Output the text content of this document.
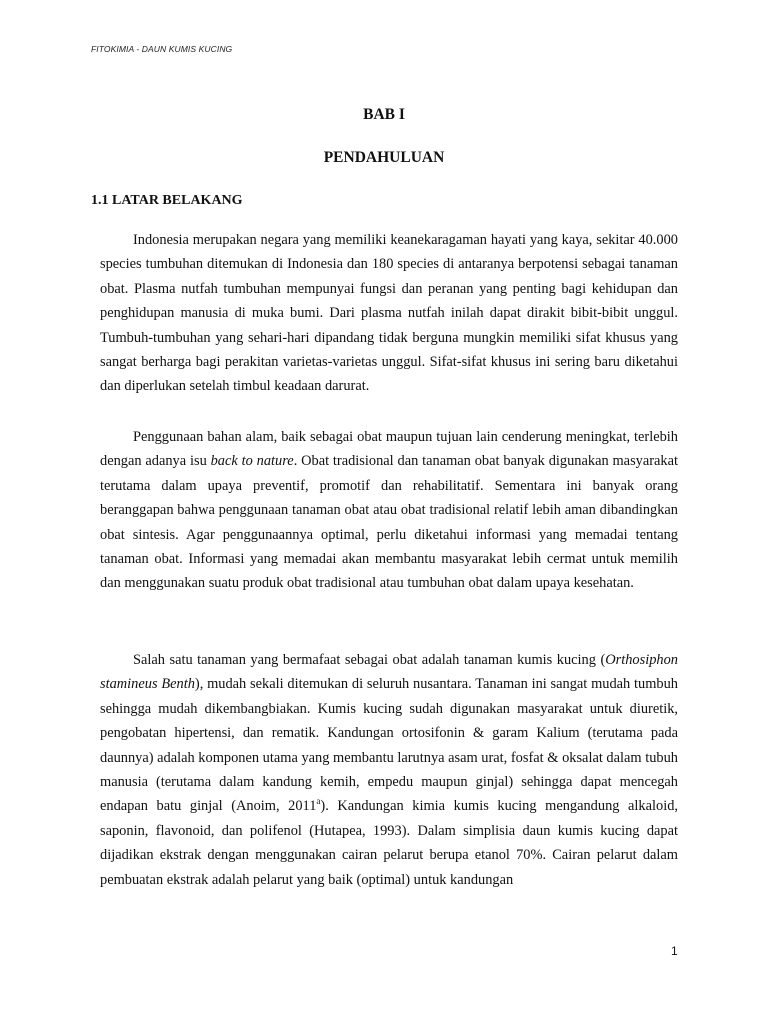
FITOKIMIA - DAUN KUMIS KUCING
BAB I
PENDAHULUAN
1.1 LATAR BELAKANG

Indonesia merupakan negara yang memiliki keanekaragaman hayati yang kaya, sekitar 40.000 species tumbuhan ditemukan di Indonesia dan 180 species di antaranya berpotensi sebagai tanaman obat. Plasma nutfah tumbuhan mempunyai fungsi dan peranan yang penting bagi kehidupan dan penghidupan manusia di muka bumi. Dari plasma nutfah inilah dapat dirakit bibit-bibit unggul. Tumbuh-tumbuhan yang sehari-hari dipandang tidak berguna mungkin memiliki sifat khusus yang sangat berharga bagi perakitan varietas-varietas unggul. Sifat-sifat khusus ini sering baru diketahui dan diperlukan setelah timbul keadaan darurat.

Penggunaan bahan alam, baik sebagai obat maupun tujuan lain cenderung meningkat, terlebih dengan adanya isu back to nature. Obat tradisional dan tanaman obat banyak digunakan masyarakat terutama dalam upaya preventif, promotif dan rehabilitatif. Sementara ini banyak orang beranggapan bahwa penggunaan tanaman obat atau obat tradisional relatif lebih aman dibandingkan obat sintesis. Agar penggunaannya optimal, perlu diketahui informasi yang memadai tentang tanaman obat. Informasi yang memadai akan membantu masyarakat lebih cermat untuk memilih dan menggunakan suatu produk obat tradisional atau tumbuhan obat dalam upaya kesehatan.

Salah satu tanaman yang bermafaat sebagai obat adalah tanaman kumis kucing (Orthosiphon stamineus Benth), mudah sekali ditemukan di seluruh nusantara. Tanaman ini sangat mudah tumbuh sehingga mudah dikembangbiakan. Kumis kucing sudah digunakan masyarakat untuk diuretik, pengobatan hipertensi, dan rematik. Kandungan ortosifonin & garam Kalium (terutama pada daunnya) adalah komponen utama yang membantu larutnya asam urat, fosfat & oksalat dalam tubuh manusia (terutama dalam kandung kemih, empedu maupun ginjal) sehingga dapat mencegah endapan batu ginjal (Anoim, 2011$^a$). Kandungan kimia kumis kucing mengandung alkaloid, saponin, flavonoid, dan polifenol (Hutapea, 1993). Dalam simplisia daun kumis kucing dapat dijadikan ekstrak dengan menggunakan cairan pelarut berupa etanol 70%. Cairan pelarut dalam pembuatan ekstrak adalah pelarut yang baik (optimal) untuk kandungan

1
